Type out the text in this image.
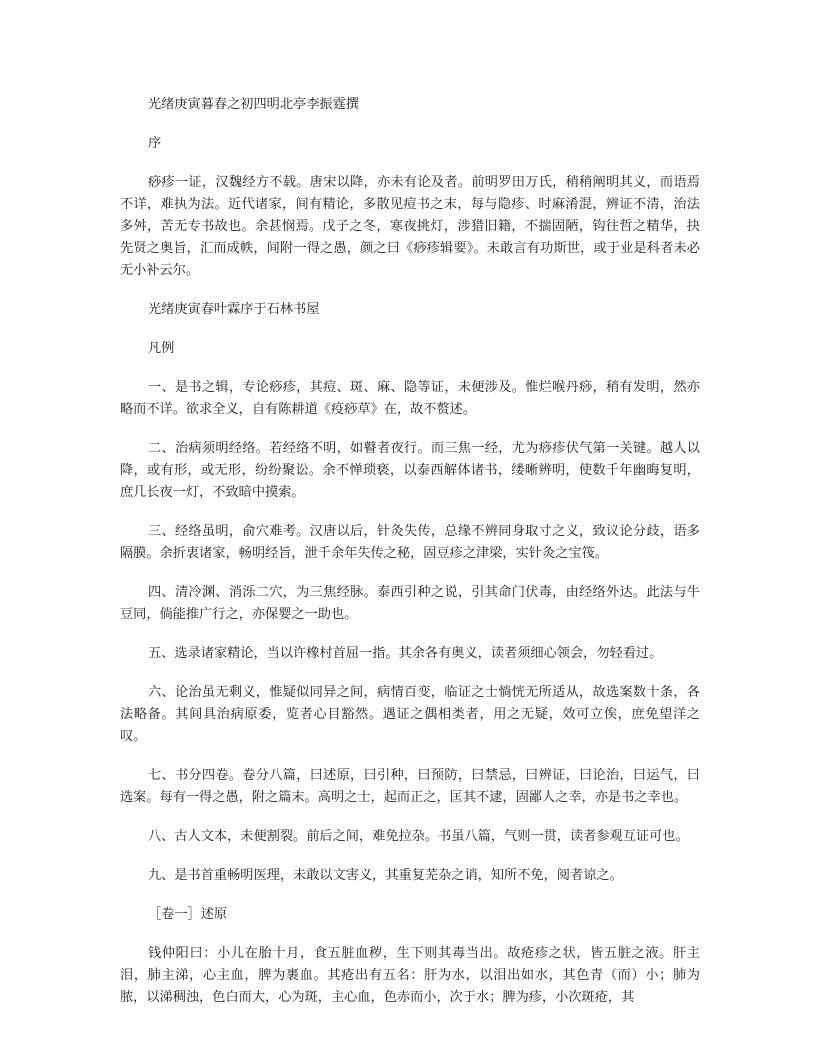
光绪庚寅暮春之初四明北亭李振霆撰

序

痧疹一证，汉魏经方不载。唐宋以降，亦未有论及者。前明罗田万氏，稍稍阐明其义，而语焉不详，难执为法。近代诸家，间有精论，多散见痘书之末，每与隐疹、时麻淆混，辨证不清，治法多舛，苦无专书故也。余甚悯焉。戊子之冬，寒夜挑灯，涉猎旧籍，不揣固陋，钩往哲之精华，抉先贤之奥旨，汇而成帙，间附一得之愚，颜之曰《痧疹辑要》。未敢言有功斯世，或于业是科者未必无小补云尔。

光绪庚寅春叶霖序于石林书屋

凡例

一、是书之辑，专论痧疹，其痘、斑、麻、隐等证，未便涉及。惟烂喉丹痧，稍有发明，然亦略而不详。欲求全义，自有陈耕道《疫痧草》在，故不赘述。

二、治病须明经络。若经络不明，如瞽者夜行。而三焦一经，尤为痧疹伏气第一关键。越人以降，或有形，或无形，纷纷聚讼。余不惮琐亵，以泰西解体诸书，缕晰辨明，使数千年幽晦复明，庶几长夜一灯，不致暗中摸索。

三、经络虽明，俞穴难考。汉唐以后，针灸失传，总缘不辨同身取寸之义，致议论分歧，语多隔膜。余折衷诸家，畅明经旨，泄千余年失传之秘，固豆疹之津梁，实针灸之宝筏。

四、清冷渊、消泺二穴，为三焦经脉。泰西引种之说，引其命门伏毒，由经络外达。此法与牛豆同，倘能推广行之，亦保婴之一助也。

五、选录诸家精论，当以许橡村首屈一指。其余各有奥义，读者须细心领会，勿轻看过。

六、论治虽无剩义，惟疑似同异之间，病情百变，临证之士惝恍无所适从，故选案数十条，各法略备。其间具治病原委，览者心目豁然。遇证之偶相类者，用之无疑，效可立俟，庶免望洋之叹。

七、书分四卷。卷分八篇，曰述原，曰引种，曰预防，曰禁忌，曰辨证，曰论治，曰运气，曰选案。每有一得之愚，附之篇末。高明之士，起而正之，匡其不逮，固鄙人之幸，亦是书之幸也。

八、古人文本，未便割裂。前后之间，难免拉杂。书虽八篇，气则一贯，读者参观互证可也。

九、是书首重畅明医理，未敢以文害义，其重复芜杂之诮，知所不免，阅者谅之。

［卷一］述原

钱仲阳曰：小儿在胎十月，食五脏血秽，生下则其毒当出。故疮疹之状，皆五脏之液。肝主泪，肺主涕，心主血，脾为裹血。其疮出有五名：肝为水，以泪出如水，其色青（而）小；肺为脓，以涕稠浊，色白而大，心为斑，主心血，色赤而小，次于水；脾为疹，小次斑疮，其
